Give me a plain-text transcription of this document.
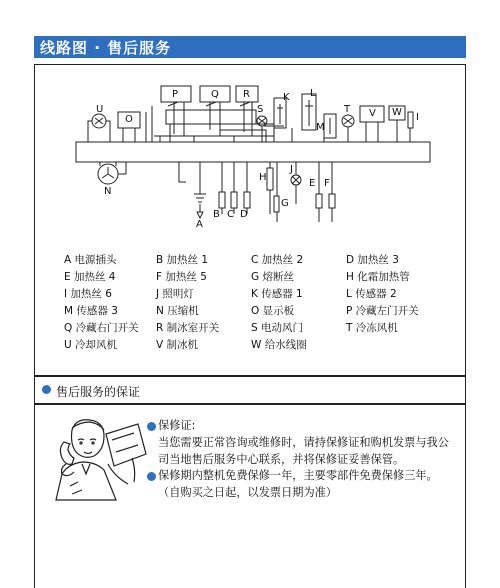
线路图 · 售后服务
P	Q R
S
K L
M
T V W I
U
O
N
A
B C D
H
G
J
E F
A 电源插头	B 加热丝 1	C 加热丝 2	D 加热丝 3
E 加热丝 4	F 加热丝 5	G 熔断丝	H 化霜加热管
I 加热丝 6	J 照明灯	K 传感器 1	L 传感器 2
M 传感器 3	N 压缩机	O 显示板	P 冷藏左门开关
Q 冷藏右门开关 R 制冰室开关	S 电动风门	T 冷冻风机
U 冷却风机	V 制冰机	W 给水线圈
售后服务的保证
保修证:
当您需要正常咨询或维修时，请持保修证和购机发票与我公
司当地售后服务中心联系，并将保修证妥善保管。
保修期内整机免费保修一年，主要零部件免费保修三年。
（自购买之日起，以发票日期为准）
